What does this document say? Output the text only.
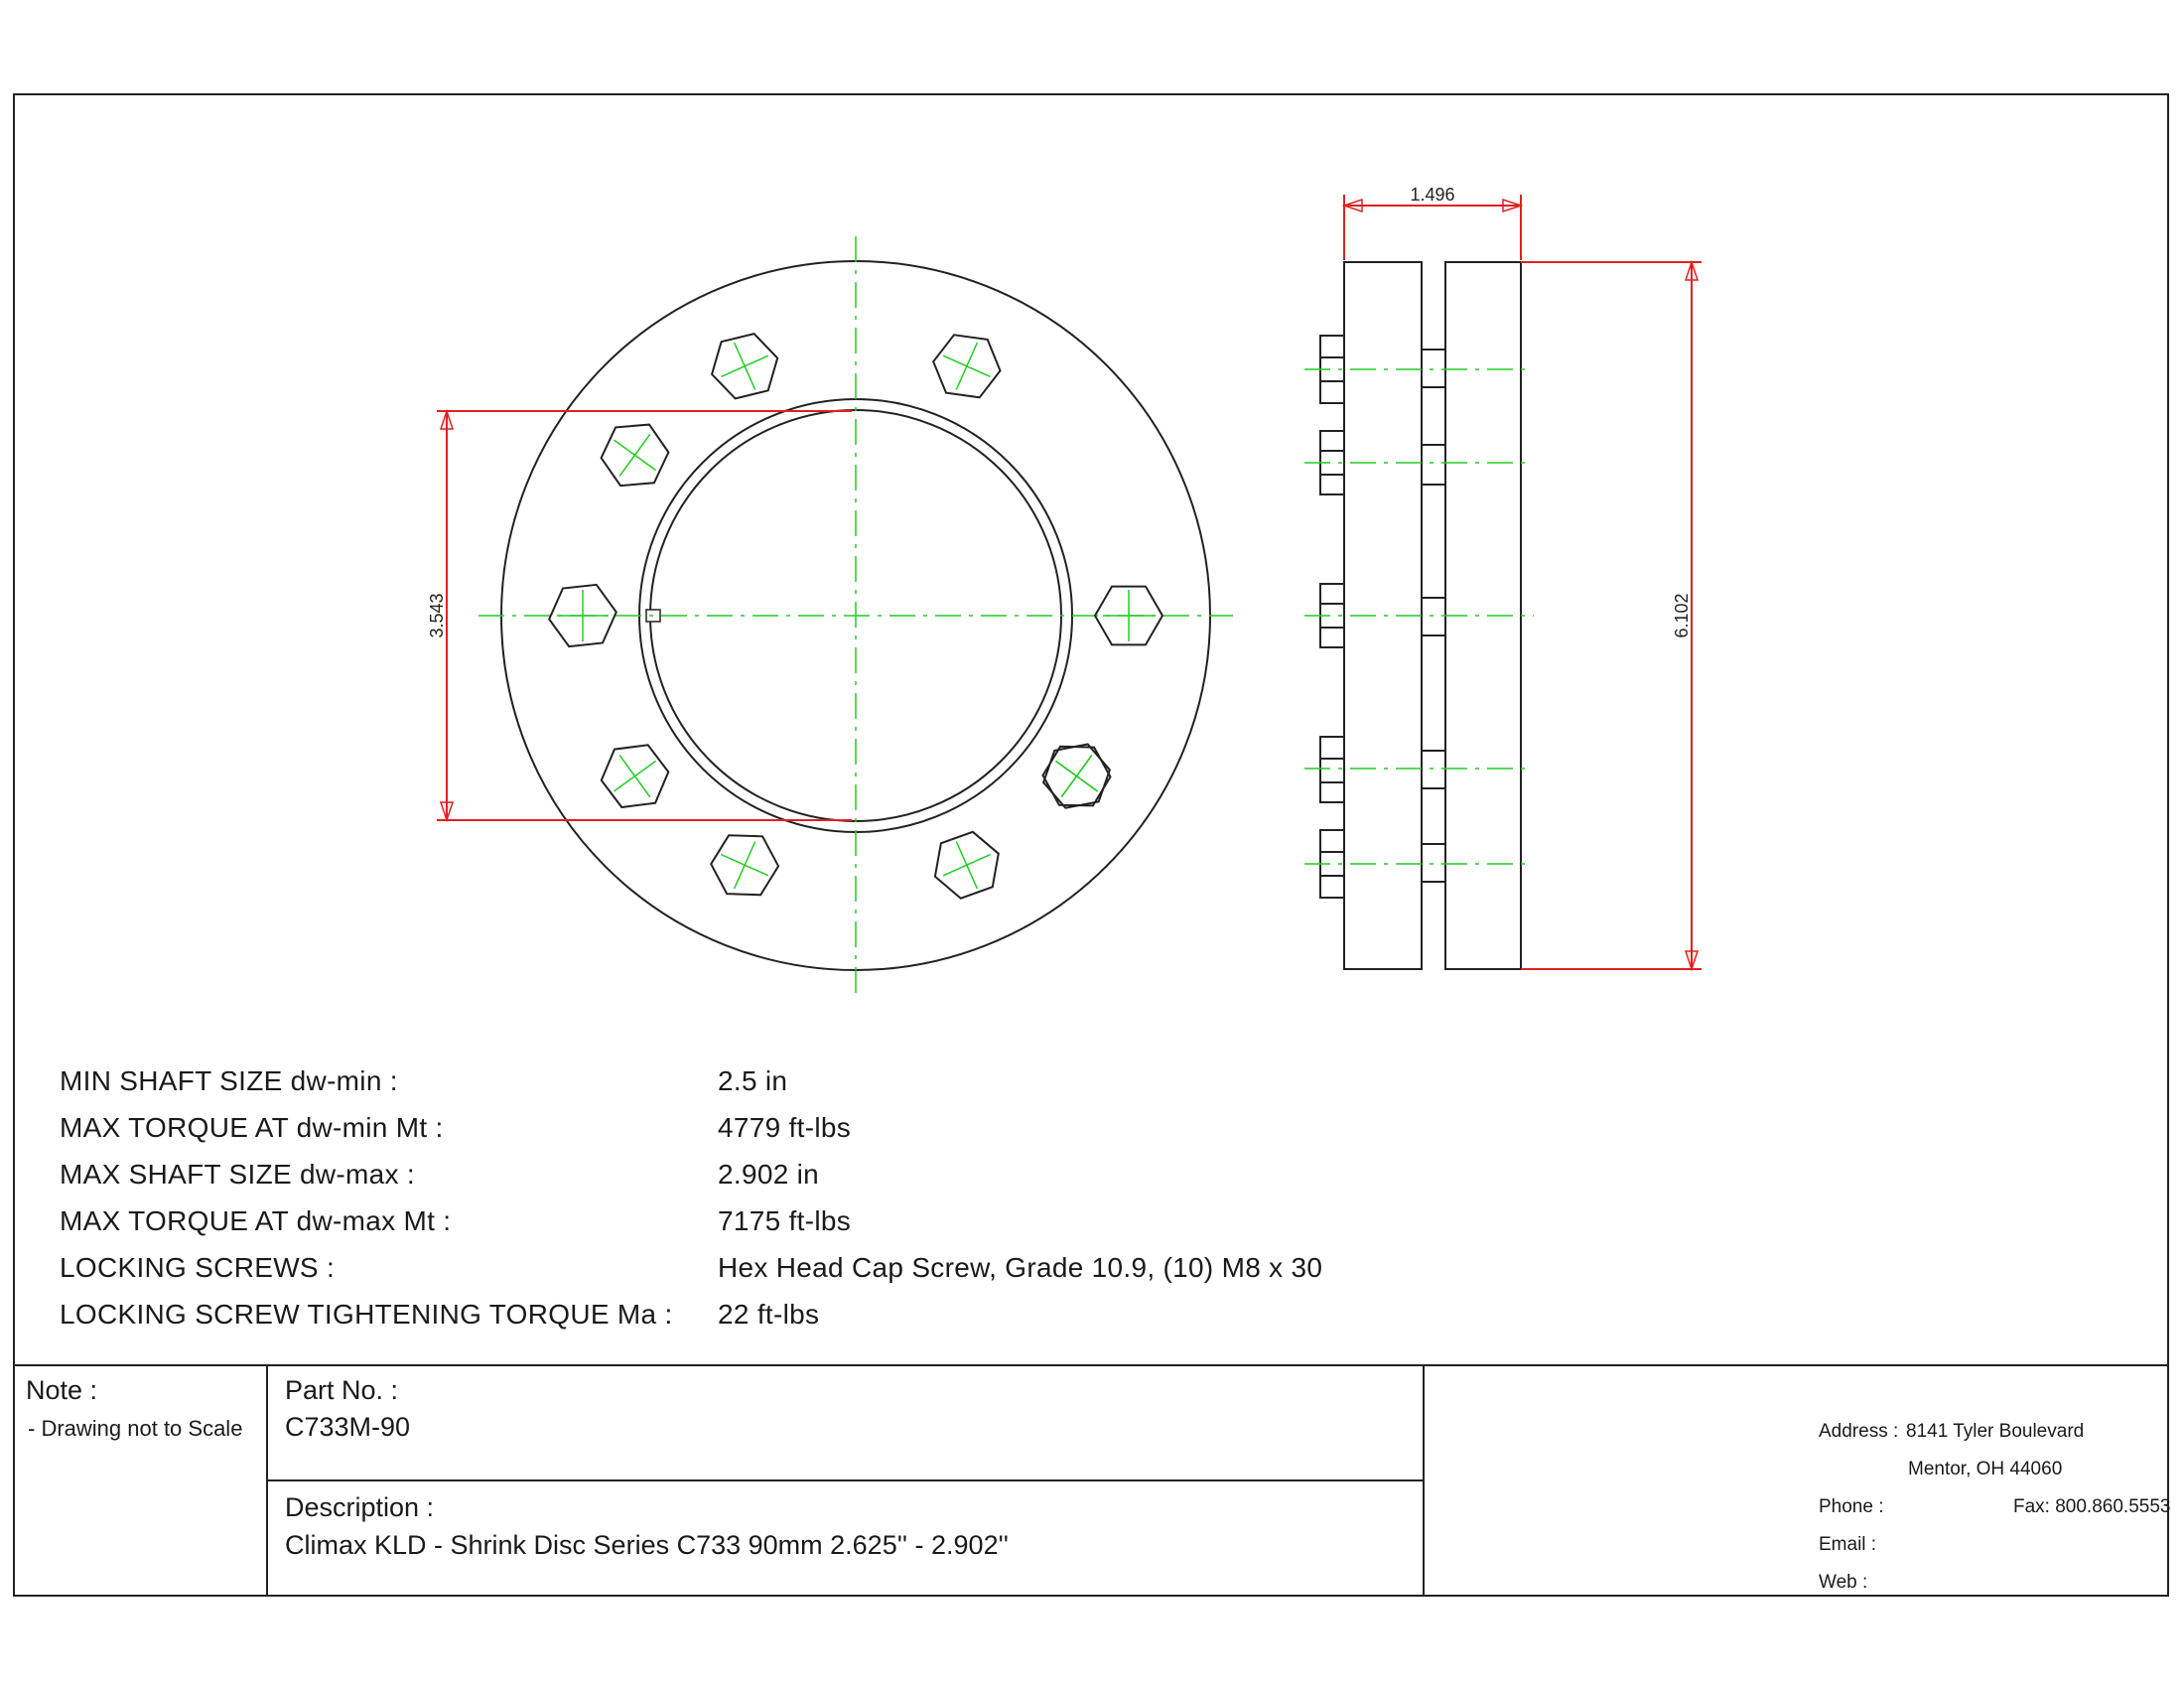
3.543
1.496
6.102
MIN SHAFT SIZE dw-min :	2.5 in
MAX TORQUE AT dw-min Mt :	4779 ft-lbs
MAX SHAFT SIZE dw-max :	2.902 in
MAX TORQUE AT dw-max Mt :	7175 ft-lbs
LOCKING SCREWS :	Hex Head Cap Screw, Grade 10.9, (10) M8 x 30
LOCKING SCREW TIGHTENING TORQUE Ma : 22 ft-lbs
Note :
- Drawing not to Scale
Part No. :
C733M-90
Description :
Climax KLD - Shrink Disc Series C733 90mm 2.625'' - 2.902''
Address : 8141 Tyler Boulevard
Mentor, OH 44060
Phone :	Fax: 800.860.5553
Email :
Web :
